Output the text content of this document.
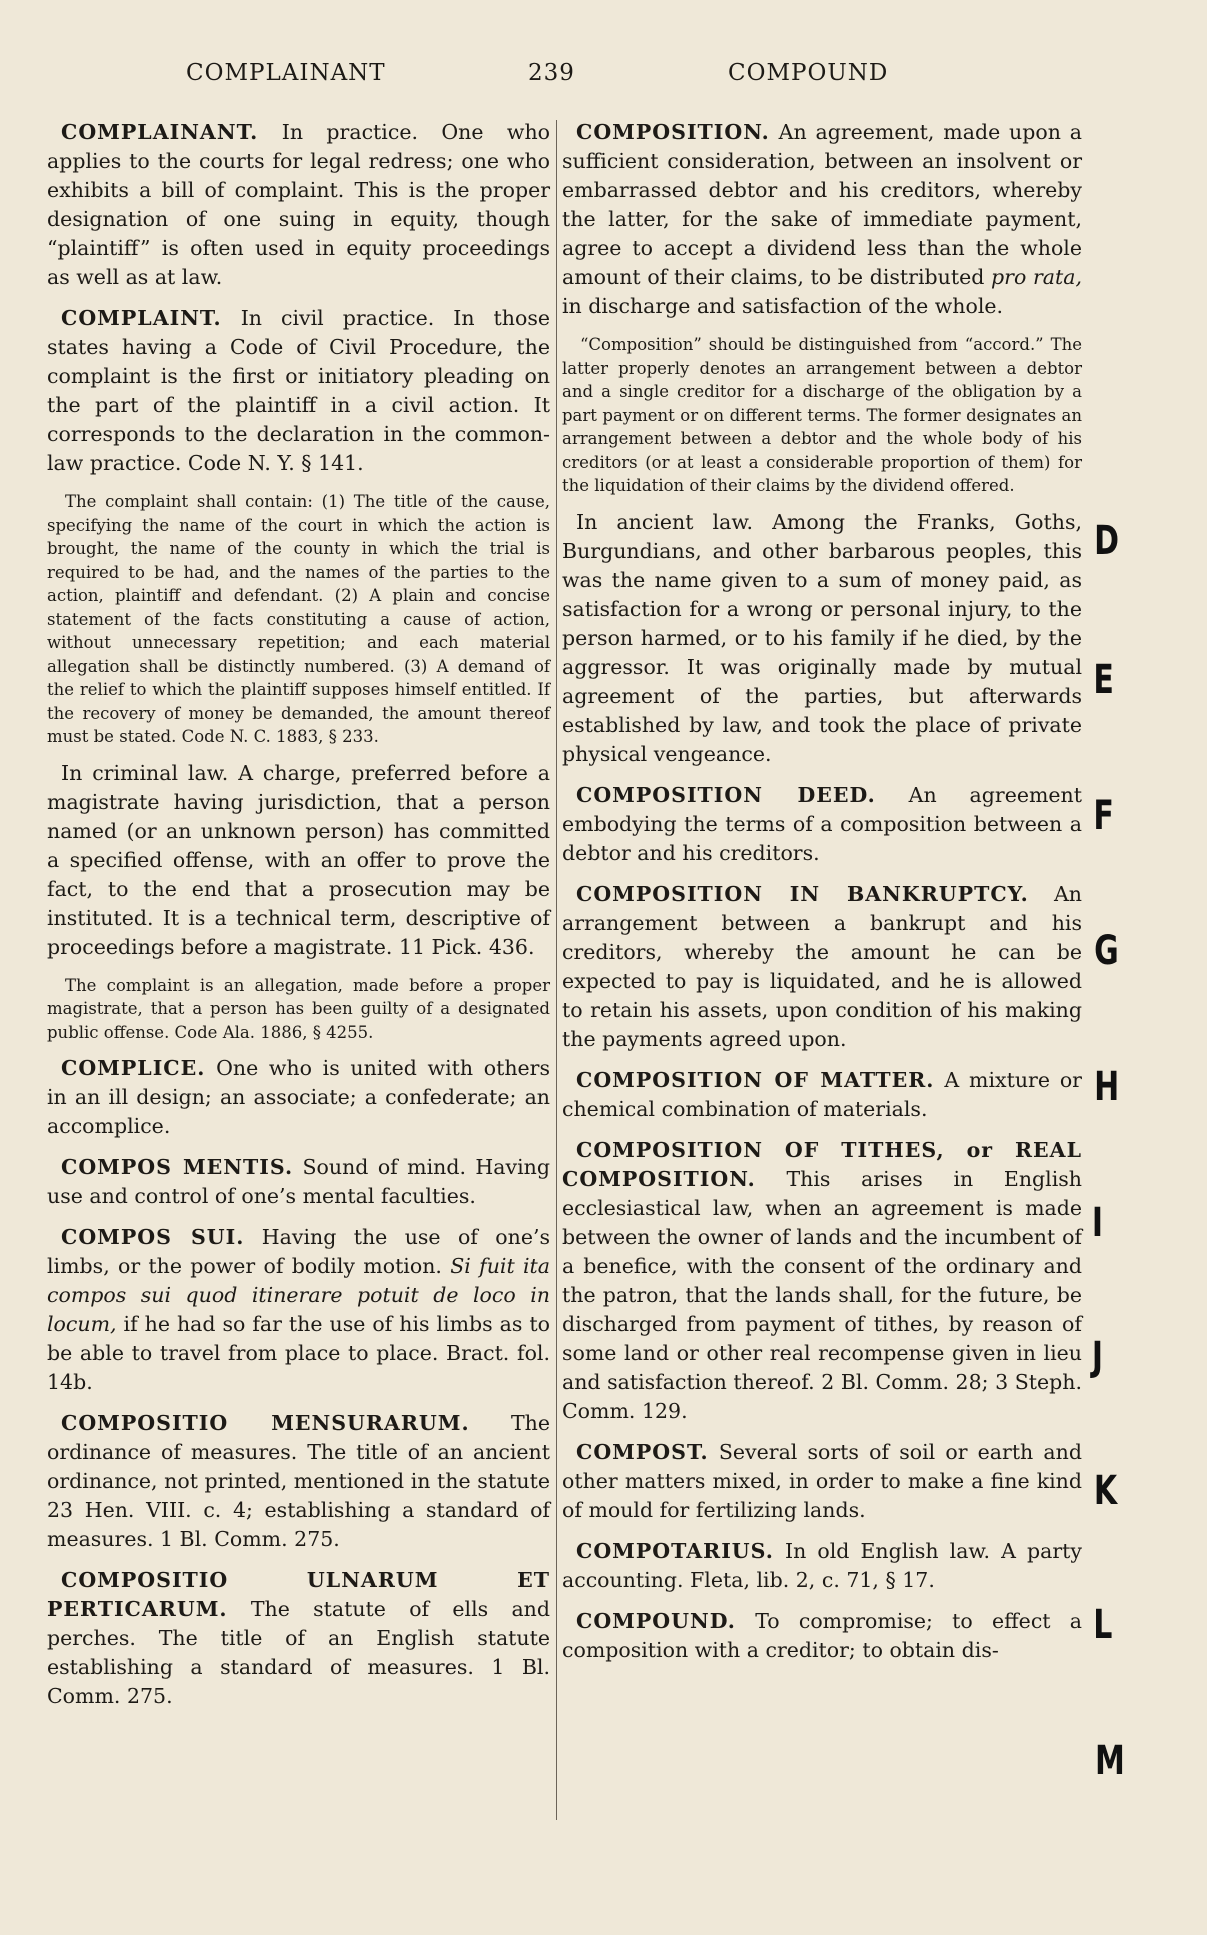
COMPLAINANT	239	COMPOUND

COMPLAINANT. In practice. One who applies to the courts for legal redress; one who exhibits a bill of complaint. This is the proper designation of one suing in equity, though “plaintiff” is often used in equity proceedings as well as at law.

COMPLAINT. In civil practice. In those states having a Code of Civil Procedure, the complaint is the first or initiatory pleading on the part of the plaintiff in a civil action. It corresponds to the declaration in the common-law practice. Code N. Y. § 141.

The complaint shall contain: (1) The title of the cause, specifying the name of the court in which the action is brought, the name of the county in which the trial is required to be had, and the names of the parties to the action, plaintiff and defendant. (2) A plain and concise statement of the facts constituting a cause of action, without unnecessary repetition; and each material allegation shall be distinctly numbered. (3) A demand of the relief to which the plaintiff supposes himself entitled. If the recovery of money be demanded, the amount thereof must be stated. Code N. C. 1883, § 233.

In criminal law. A charge, preferred before a magistrate having jurisdiction, that a person named (or an unknown person) has committed a specified offense, with an offer to prove the fact, to the end that a prosecution may be instituted. It is a technical term, descriptive of proceedings before a magistrate. 11 Pick. 436.

The complaint is an allegation, made before a proper magistrate, that a person has been guilty of a designated public offense. Code Ala. 1886, § 4255.

COMPLICE. One who is united with others in an ill design; an associate; a confederate; an accomplice.

COMPOS MENTIS. Sound of mind. Having use and control of one’s mental faculties.

COMPOS SUI. Having the use of one’s limbs, or the power of bodily motion. Si fuit ita compos sui quod itinerare potuit de loco in locum, if he had so far the use of his limbs as to be able to travel from place to place. Bract. fol. 14b.

COMPOSITIO MENSURARUM. The ordinance of measures. The title of an ancient ordinance, not printed, mentioned in the statute 23 Hen. VIII. c. 4; establishing a standard of measures. 1 Bl. Comm. 275.

COMPOSITIO ULNARUM ET PERTICARUM. The statute of ells and perches. The title of an English statute establishing a standard of measures. 1 Bl. Comm. 275.

COMPOSITION. An agreement, made upon a sufficient consideration, between an insolvent or embarrassed debtor and his creditors, whereby the latter, for the sake of immediate payment, agree to accept a dividend less than the whole amount of their claims, to be distributed pro rata, in discharge and satisfaction of the whole.

“Composition” should be distinguished from “accord.” The latter properly denotes an arrangement between a debtor and a single creditor for a discharge of the obligation by a part payment or on different terms. The former designates an arrangement between a debtor and the whole body of his creditors (or at least a considerable proportion of them) for the liquidation of their claims by the dividend offered.

In ancient law. Among the Franks, Goths, Burgundians, and other barbarous peoples, this was the name given to a sum of money paid, as satisfaction for a wrong or personal injury, to the person harmed, or to his family if he died, by the aggressor. It was originally made by mutual agreement of the parties, but afterwards established by law, and took the place of private physical vengeance.

COMPOSITION DEED. An agreement embodying the terms of a composition between a debtor and his creditors.

COMPOSITION IN BANKRUPTCY. An arrangement between a bankrupt and his creditors, whereby the amount he can be expected to pay is liquidated, and he is allowed to retain his assets, upon condition of his making the payments agreed upon.

COMPOSITION OF MATTER. A mixture or chemical combination of materials.

COMPOSITION OF TITHES, or REAL COMPOSITION. This arises in English ecclesiastical law, when an agreement is made between the owner of lands and the incumbent of a benefice, with the consent of the ordinary and the patron, that the lands shall, for the future, be discharged from payment of tithes, by reason of some land or other real recompense given in lieu and satisfaction thereof. 2 Bl. Comm. 28; 3 Steph. Comm. 129.

COMPOST. Several sorts of soil or earth and other matters mixed, in order to make a fine kind of mould for fertilizing lands.

COMPOTARIUS. In old English law. A party accounting. Fleta, lib. 2, c. 71, § 17.

COMPOUND. To compromise; to effect a composition with a creditor; to obtain dis-

D
E
F
G
H
I
J
K
L
M
